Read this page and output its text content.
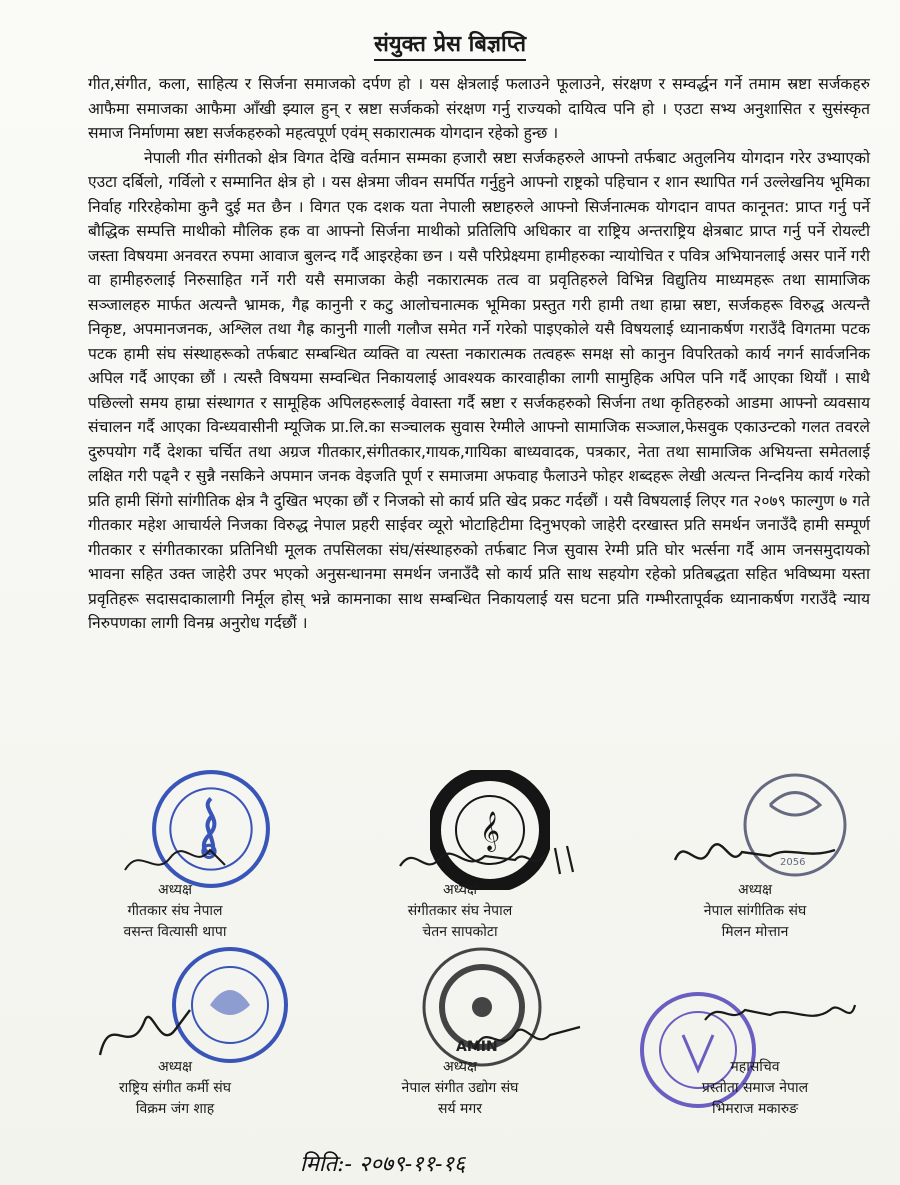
संयुक्त प्रेस बिज्ञप्ति

गीत,संगीत, कला, साहित्य र सिर्जना समाजको दर्पण हो । यस क्षेत्रलाई फलाउने फूलाउने, संरक्षण र सम्वर्द्धन गर्ने तमाम स्रष्टा सर्जकहरु आफैमा समाजका आफैमा आँखी झ्याल हुन् र स्रष्टा सर्जकको संरक्षण गर्नु राज्यको दायित्व पनि हो । एउटा सभ्य अनुशासित र सुसंस्कृत समाज निर्माणमा स्रष्टा सर्जकहरुको महत्वपूर्ण एवंम् सकारात्मक योगदान रहेको हुन्छ ।

नेपाली गीत संगीतको क्षेत्र विगत देखि वर्तमान सम्मका हजारौ स्रष्टा सर्जकहरुले आफ्नो तर्फबाट अतुलनिय योगदान गरेर उभ्याएको एउटा दर्बिलो, गर्विलो र सम्मानित क्षेत्र हो । यस क्षेत्रमा जीवन समर्पित गर्नुहुने आफ्नो राष्ट्रको पहिचान र शान स्थापित गर्न उल्लेखनिय भूमिका निर्वाह गरिरहेकोमा कुनै दुई मत छैन । विगत एक दशक यता नेपाली स्रष्टाहरुले आफ्नो सिर्जनात्मक योगदान वापत कानूनत: प्राप्त गर्नु पर्ने बौद्धिक सम्पत्ति माथीको मौलिक हक वा आफ्नो सिर्जना माथीको प्रतिलिपि अधिकार वा राष्ट्रिय अन्तराष्ट्रिय क्षेत्रबाट प्राप्त गर्नु पर्ने रोयल्टी जस्ता विषयमा अनवरत रुपमा आवाज बुलन्द गर्दै आइरहेका छन । यसै परिप्रेक्ष्यमा हामीहरुका न्यायोचित र पवित्र अभियानलाई असर पार्ने गरी वा हामीहरुलाई निरुसाहित गर्ने गरी यसै समाजका केही नकारात्मक तत्व वा प्रवृतिहरुले विभिन्न विद्युतिय माध्यमहरू तथा सामाजिक सञ्जालहरु मार्फत अत्यन्तै भ्रामक, गैह्र कानुनी र कटु आलोचनात्मक भूमिका प्रस्तुत गरी हामी तथा हाम्रा स्रष्टा, सर्जकहरू विरुद्ध अत्यन्तै निकृष्ट, अपमानजनक, अश्लिल तथा गैह्र कानुनी गाली गलौज समेत गर्ने गरेको पाइएकोले यसै विषयलाई ध्यानाकर्षण गराउँदै विगतमा पटक पटक हामी संघ संस्थाहरूको तर्फबाट सम्बन्धित व्यक्ति वा त्यस्ता नकारात्मक तत्वहरू समक्ष सो कानुन विपरितको कार्य नगर्न सार्वजनिक अपिल गर्दै आएका छौं । त्यस्तै विषयमा सम्वन्धित निकायलाई आवश्यक कारवाहीका लागी सामुहिक अपिल पनि गर्दै आएका थियौं । साथै पछिल्लो समय हाम्रा संस्थागत र सामूहिक अपिलहरूलाई वेवास्ता गर्दै स्रष्टा र सर्जकहरुको सिर्जना तथा कृतिहरुको आडमा आफ्नो व्यवसाय संचालन गर्दै आएका विन्ध्यवासीनी म्यूजिक प्रा.लि.का सञ्चालक सुवास रेग्मीले आफ्नो सामाजिक सञ्जाल,फेसवुक एकाउन्टको गलत तवरले दुरुपयोग गर्दै देशका चर्चित तथा अग्रज गीतकार,संगीतकार,गायक,गायिका बाध्यवादक, पत्रकार, नेता तथा सामाजिक अभियन्ता समेतलाई लक्षित गरी पढ्नै र सुन्नै नसकिने अपमान जनक वेइजति पूर्ण र समाजमा अफवाह फैलाउने फोहर शब्दहरू लेखी अत्यन्त निन्दनिय कार्य गरेको प्रति हामी सिंगो सांगीतिक क्षेत्र नै दुखित भएका छौं र निजको सो कार्य प्रति खेद प्रकट गर्दछौं । यसै विषयलाई लिएर गत २०७९ फाल्गुण ७ गते गीतकार महेश आचार्यले निजका विरुद्ध नेपाल प्रहरी साईवर व्यूरो भोटाहिटीमा दिनुभएको जाहेरी दरखास्त प्रति समर्थन जनाउँदै हामी सम्पूर्ण गीतकार र संगीतकारका प्रतिनिधी मूलक तपसिलका संघ/संस्थाहरुको तर्फबाट निज सुवास रेग्मी प्रति घोर भर्त्सना गर्दै आम जनसमुदायको भावना सहित उक्त जाहेरी उपर भएको अनुसन्धानमा समर्थन जनाउँदै सो कार्य प्रति साथ सहयोग रहेको प्रतिबद्धता सहित भविष्यमा यस्ता प्रवृतिहरू सदासदाकालागी निर्मूल होस् भन्ने कामनाका साथ सम्बन्धित निकायलाई यस घटना प्रति गम्भीरतापूर्वक ध्यानाकर्षण गराउँदै न्याय निरुपणका लागी विनम्र अनुरोध गर्दछौं ।

𝄞
2056
अध्यक्ष
गीतकार संघ नेपाल
वसन्त वित्यासी थापा
अध्यक्ष
संगीतकार संघ नेपाल
चेतन सापकोटा
अध्यक्ष
नेपाल सांगीतिक संघ
मिलन मोत्तान
AMIN
अध्यक्ष
राष्ट्रिय संगीत कर्मी संघ
विक्रम जंग शाह
अध्यक्ष
नेपाल संगीत उद्योग संघ
सर्य मगर
महासचिव
प्रस्तोता समाज नेपाल
भिमराज मकारुङ
मिति:- २०७९-११-१६
